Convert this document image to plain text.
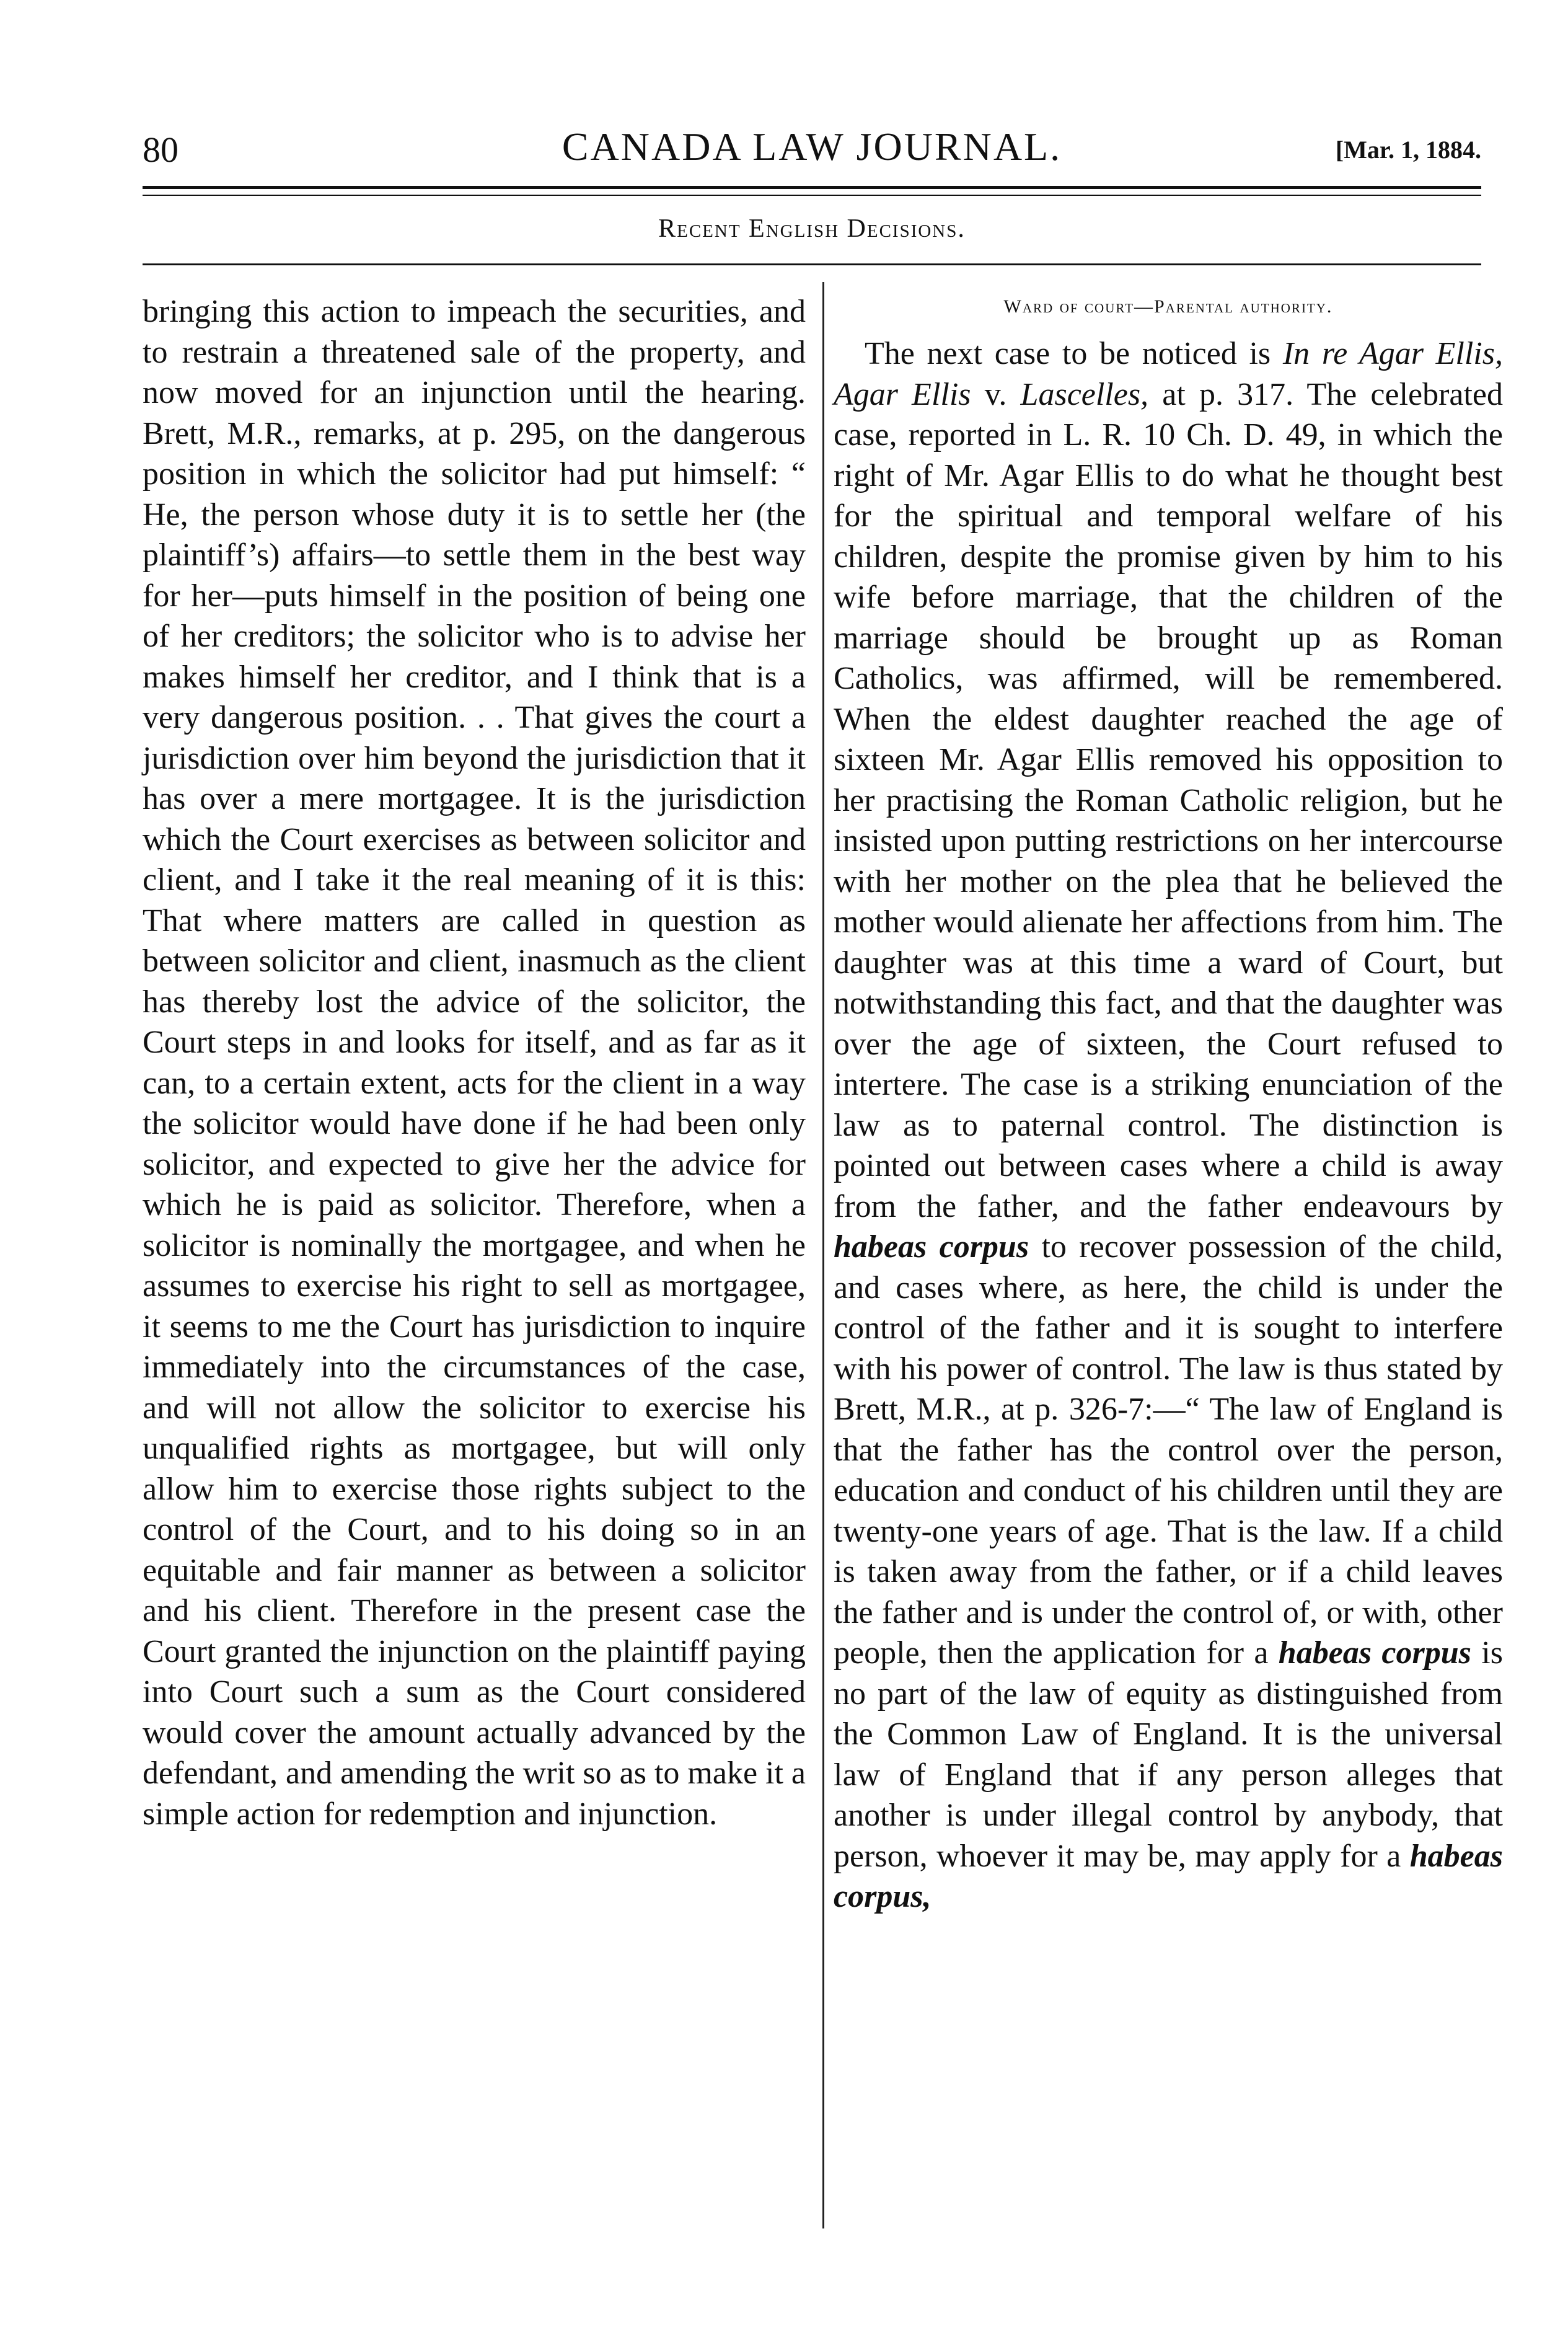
80	CANADA LAW JOURNAL.	[Mar. 1, 1884.
Recent English Decisions.

bringing this action to impeach the securities, and to restrain a threatened sale of the property, and now moved for an injunction until the hearing. Brett, M.R., remarks, at p. 295, on the dangerous position in which the solicitor had put himself: “ He, the person whose duty it is to settle her (the plaintiff’s) affairs—to settle them in the best way for her—puts himself in the position of being one of her creditors; the solicitor who is to advise her makes himself her creditor, and I think that is a very dangerous position. . . That gives the court a jurisdiction over him beyond the jurisdiction that it has over a mere mortgagee. It is the jurisdiction which the Court exercises as between solicitor and client, and I take it the real meaning of it is this: That where matters are called in question as between solicitor and client, inasmuch as the client has thereby lost the advice of the solicitor, the Court steps in and looks for itself, and as far as it can, to a certain extent, acts for the client in a way the solicitor would have done if he had been only solicitor, and expected to give her the advice for which he is paid as solicitor. Therefore, when a solicitor is nominally the mortgagee, and when he assumes to exercise his right to sell as mortgagee, it seems to me the Court has jurisdiction to inquire immediately into the circumstances of the case, and will not allow the solicitor to exercise his unqualified rights as mortgagee, but will only allow him to exercise those rights subject to the control of the Court, and to his doing so in an equitable and fair manner as between a solicitor and his client. Therefore in the present case the Court granted the injunction on the plaintiff paying into Court such a sum as the Court considered would cover the amount actually advanced by the defendant, and amending the writ so as to make it a simple action for redemption and injunction.

Ward of court—Parental authority.

The next case to be noticed is In re Agar Ellis, Agar Ellis v. Lascelles, at p. 317. The celebrated case, reported in L. R. 10 Ch. D. 49, in which the right of Mr. Agar Ellis to do what he thought best for the spiritual and temporal welfare of his children, despite the promise given by him to his wife before marriage, that the children of the marriage should be brought up as Roman Catholics, was affirmed, will be remembered. When the eldest daughter reached the age of sixteen Mr. Agar Ellis removed his opposition to her practising the Roman Catholic religion, but he insisted upon putting restrictions on her intercourse with her mother on the plea that he believed the mother would alienate her affections from him. The daughter was at this time a ward of Court, but notwithstanding this fact, and that the daughter was over the age of sixteen, the Court refused to intertere. The case is a striking enunciation of the law as to paternal control. The distinction is pointed out between cases where a child is away from the father, and the father endeavours by habeas corpus to recover possession of the child, and cases where, as here, the child is under the control of the father and it is sought to interfere with his power of control. The law is thus stated by Brett, M.R., at p. 326-7:—“ The law of England is that the father has the control over the person, education and conduct of his children until they are twenty-one years of age. That is the law. If a child is taken away from the father, or if a child leaves the father and is under the control of, or with, other people, then the application for a habeas corpus is no part of the law of equity as distinguished from the Common Law of England. It is the universal law of England that if any person alleges that another is under illegal control by anybody, that person, whoever it may be, may apply for a habeas corpus,
